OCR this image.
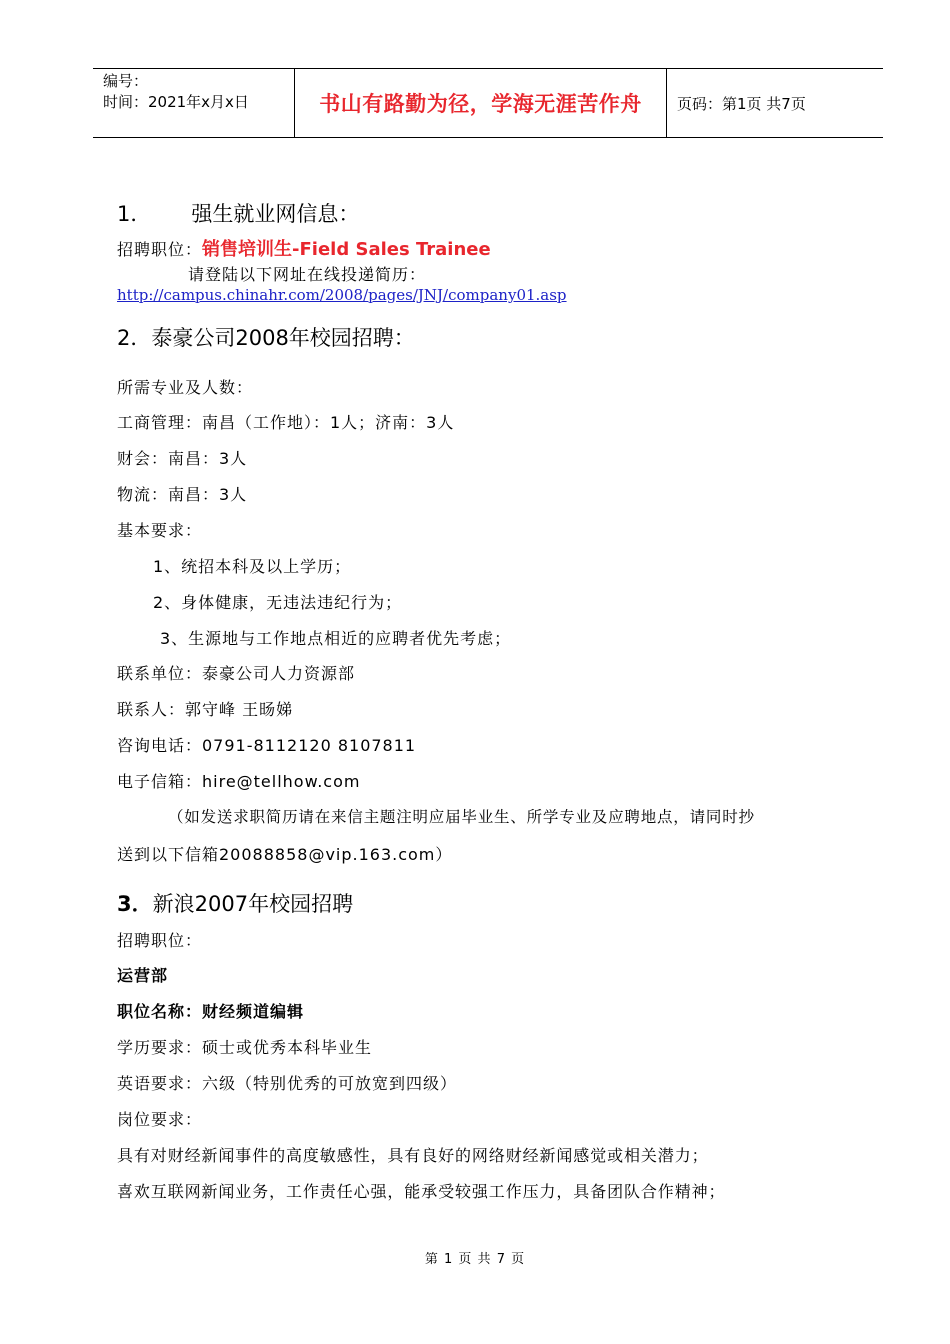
编号：
时间：2021年x月x日	书山有路勤为径，学海无涯苦作舟	页码：第1页 共7页
1． 强生就业网信息：
招聘职位：销售培训生-Field Sales Trainee
请登陆以下网址在线投递简历：
http://campus.chinahr.com/2008/pages/JNJ/company01.asp
2．泰豪公司2008年校园招聘：
所需专业及人数：
工商管理：南昌（工作地）：1人；济南：3人
财会：南昌：3人
物流：南昌：3人
基本要求：
1、统招本科及以上学历；
2、身体健康，无违法违纪行为；
3、生源地与工作地点相近的应聘者优先考虑；
联系单位：泰豪公司人力资源部
联系人：郭守峰 王旸娣
咨询电话：0791-8112120 8107811
电子信箱：hire@tellhow.com
（如发送求职简历请在来信主题注明应届毕业生、所学专业及应聘地点，请同时抄
送到以下信箱20088858@vip.163.com）
3．新浪2007年校园招聘
招聘职位：
运营部
职位名称：财经频道编辑
学历要求：硕士或优秀本科毕业生
英语要求：六级（特别优秀的可放宽到四级）
岗位要求：
具有对财经新闻事件的高度敏感性，具有良好的网络财经新闻感觉或相关潜力；
喜欢互联网新闻业务，工作责任心强，能承受较强工作压力，具备团队合作精神；
第 1 页 共 7 页
